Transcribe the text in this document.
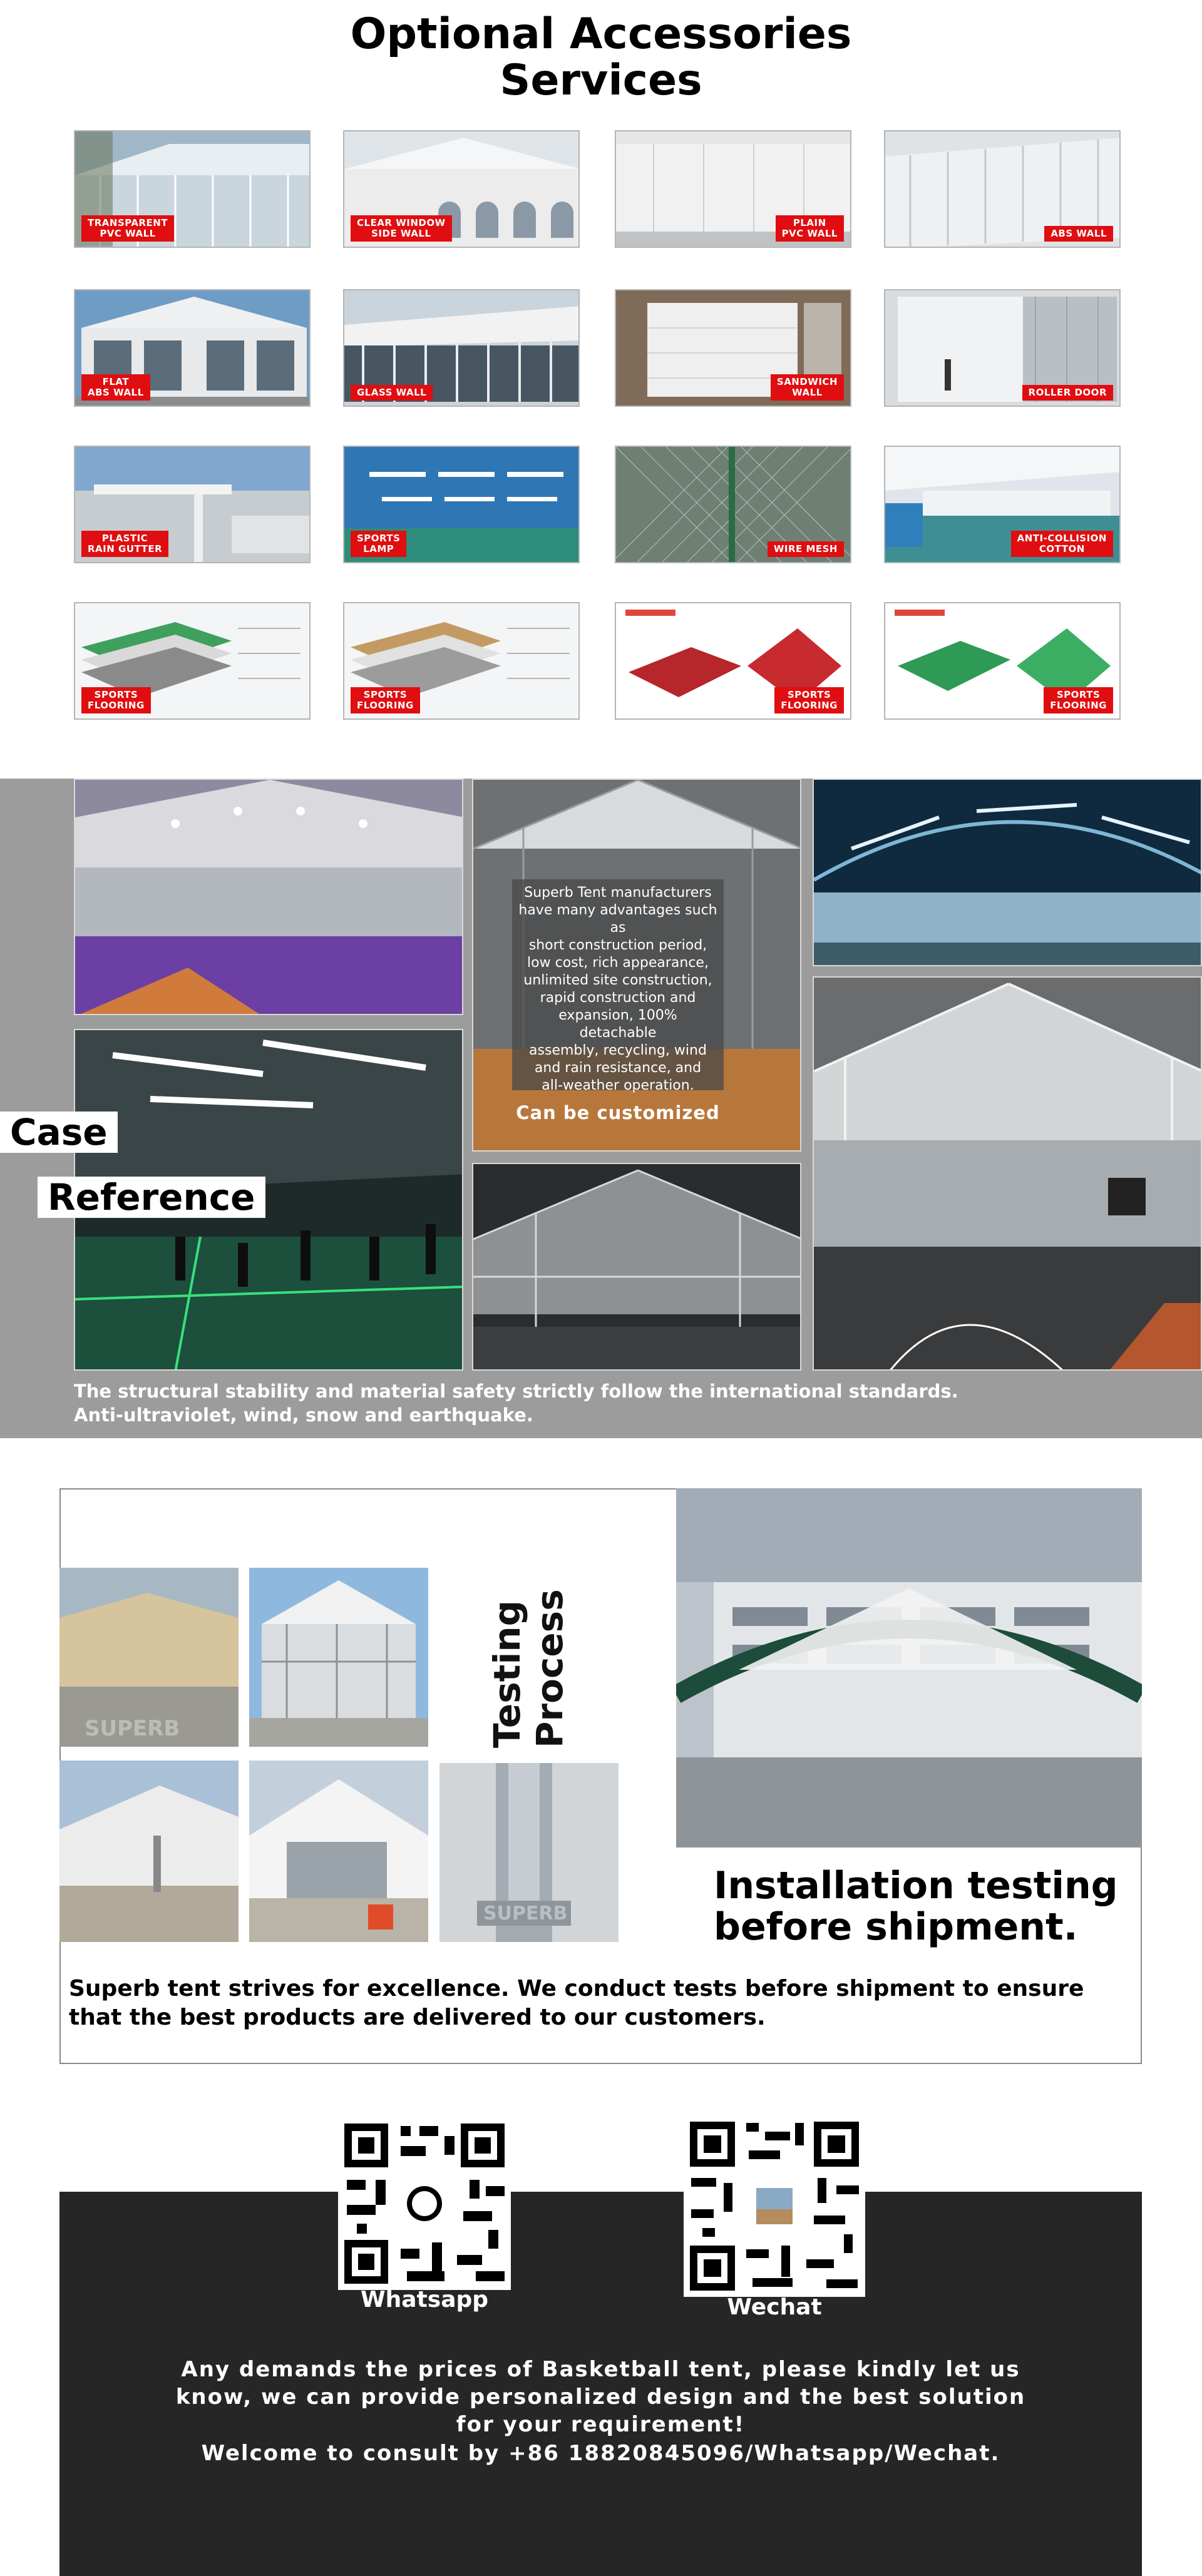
Optional Accessories
Services
TRANSPARENT
PVC WALL
CLEAR WINDOW
SIDE WALL
PLAIN
PVC WALL	ABS WALL
FLAT
ABS WALL	GLASS WALL
SANDWICH
WALL	ROLLER DOOR
PLASTIC
RAIN GUTTER
SPORTS
LAMP	WIRE MESH
ANTI-COLLISION
COTTON
SPORTS
FLOORING
SPORTS
FLOORING
SPORTS
FLOORING
SPORTS
FLOORING
Superb Tent manufacturers
have many advantages such as
short construction period,
low cost, rich appearance,
unlimited site construction,
rapid construction and
expansion, 100% detachable
assembly, recycling, wind
and rain resistance, and
all-weather operation.
Can be customized
Case
Reference
The structural stability and material safety strictly follow the international standards.
Anti-ultraviolet, wind, snow and earthquake.
SUPERB
SUPERB
Testing Process
Installation testing
before shipment.
Superb tent strives for excellence. We conduct tests before shipment to ensure that the best products are delivered to our customers.
Whatsapp	Wechat
Any demands the prices of Basketball tent, please kindly let us
know, we can provide personalized design and the best solution
for your requirement!
Welcome to consult by +86 18820845096/Whatsapp/Wechat.
